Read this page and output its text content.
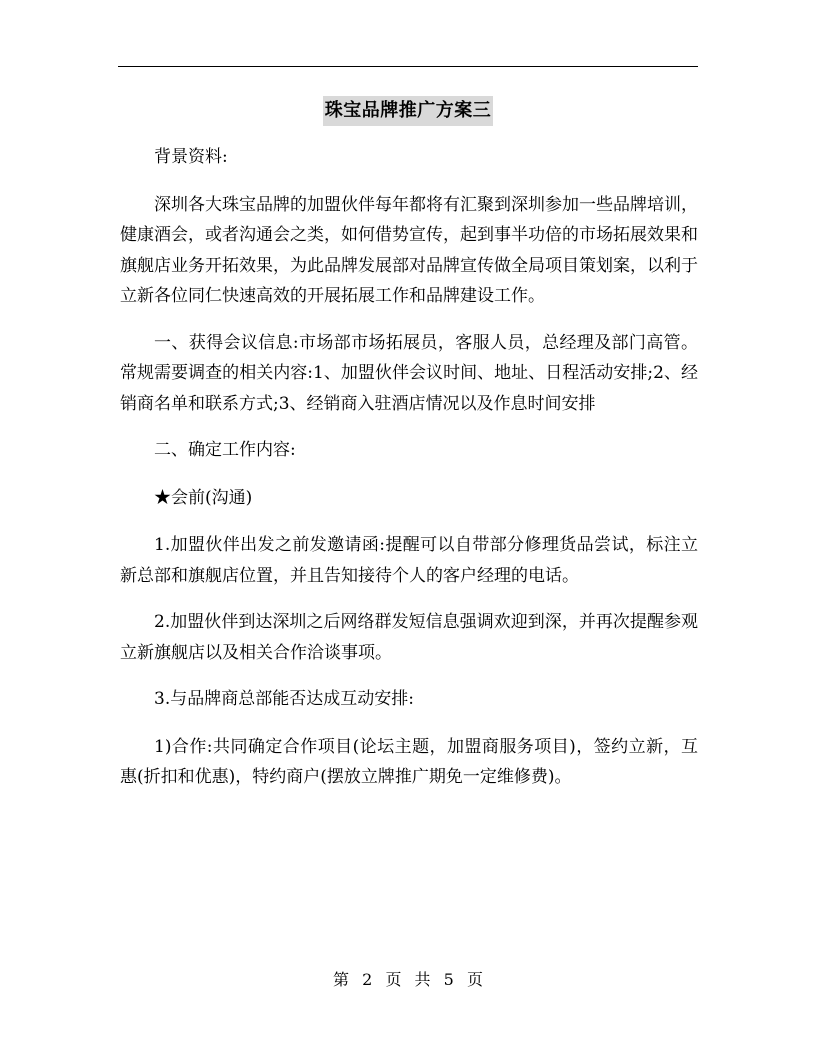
珠宝品牌推广方案三

背景资料:

深圳各大珠宝品牌的加盟伙伴每年都将有汇聚到深圳参加一些品牌培训，健康酒会，或者沟通会之类，如何借势宣传，起到事半功倍的市场拓展效果和旗舰店业务开拓效果，为此品牌发展部对品牌宣传做全局项目策划案，以利于立新各位同仁快速高效的开展拓展工作和品牌建设工作。

一、获得会议信息:市场部市场拓展员，客服人员，总经理及部门高管。常规需要调查的相关内容:1、加盟伙伴会议时间、地址、日程活动安排;2、经销商名单和联系方式;3、经销商入驻酒店情况以及作息时间安排

二、确定工作内容:

★会前(沟通)

1.加盟伙伴出发之前发邀请函:提醒可以自带部分修理货品尝试，标注立新总部和旗舰店位置，并且告知接待个人的客户经理的电话。

2.加盟伙伴到达深圳之后网络群发短信息强调欢迎到深，并再次提醒参观立新旗舰店以及相关合作洽谈事项。

3.与品牌商总部能否达成互动安排:

1)合作:共同确定合作项目(论坛主题，加盟商服务项目)，签约立新，互惠(折扣和优惠)，特约商户(摆放立牌推广期免一定维修费)。

第 2 页 共 5 页
